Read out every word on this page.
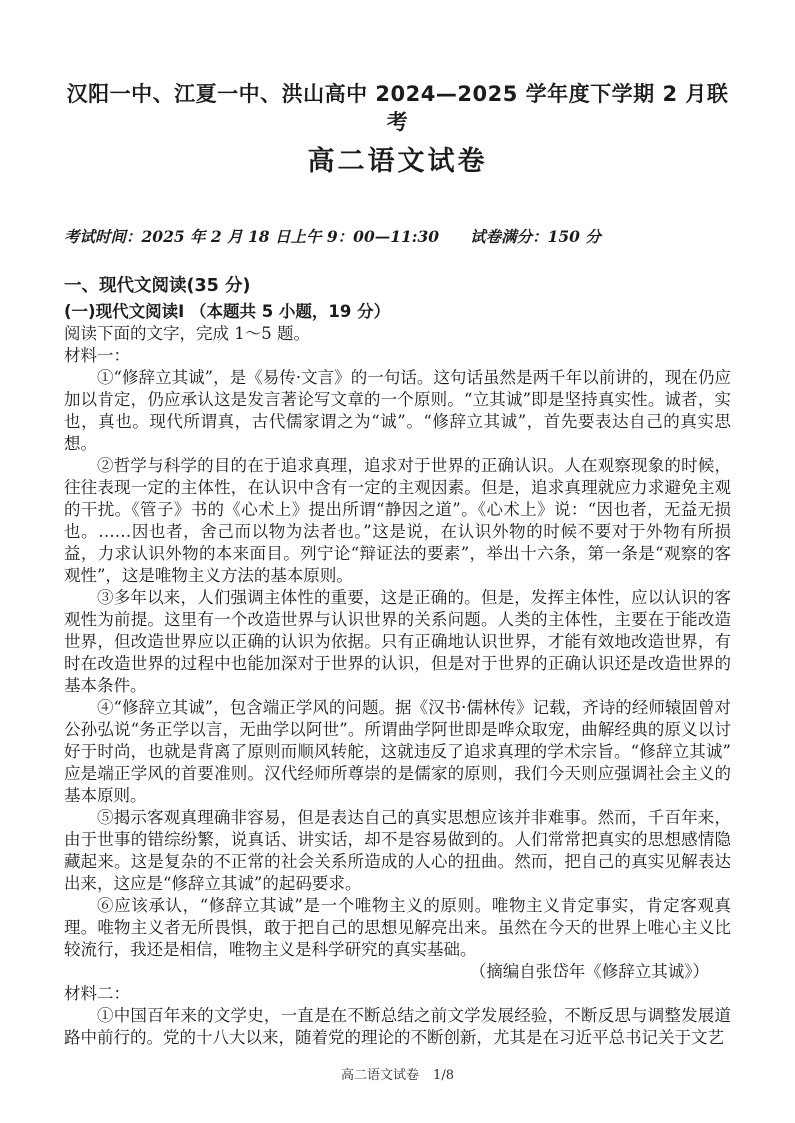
汉阳一中、江夏一中、洪山高中 2024—2025 学年度下学期 2 月联考
高二语文试卷

考试时间：2025 年 2 月 18 日上午 9：00—11:30　　试卷满分：150 分

一、现代文阅读(35 分)
(一)现代文阅读Ⅰ （本题共 5 小题，19 分）

阅读下面的文字，完成 1～5 题。

材料一：

①“修辞立其诚”，是《易传·文言》的一句话。这句话虽然是两千年以前讲的，现在仍应加以肯定，仍应承认这是发言著论写文章的一个原则。“立其诚”即是坚持真实性。诚者，实也，真也。现代所谓真，古代儒家谓之为“诚”。“修辞立其诚”，首先要表达自己的真实思想。

②哲学与科学的目的在于追求真理，追求对于世界的正确认识。人在观察现象的时候，往往表现一定的主体性，在认识中含有一定的主观因素。但是，追求真理就应力求避免主观的干扰。《管子》书的《心术上》提出所谓“静因之道”。《心术上》说：“因也者，无益无损也。……因也者，舍己而以物为法者也。”这是说，在认识外物的时候不要对于外物有所损益，力求认识外物的本来面目。列宁论“辩证法的要素”，举出十六条，第一条是“观察的客观性”，这是唯物主义方法的基本原则。

③多年以来，人们强调主体性的重要，这是正确的。但是，发挥主体性，应以认识的客观性为前提。这里有一个改造世界与认识世界的关系问题。人类的主体性，主要在于能改造世界，但改造世界应以正确的认识为依据。只有正确地认识世界，才能有效地改造世界，有时在改造世界的过程中也能加深对于世界的认识，但是对于世界的正确认识还是改造世界的基本条件。

④“修辞立其诚”，包含端正学风的问题。据《汉书·儒林传》记载，齐诗的经师辕固曾对公孙弘说“务正学以言，无曲学以阿世”。所谓曲学阿世即是哗众取宠，曲解经典的原义以讨好于时尚，也就是背离了原则而顺风转舵，这就违反了追求真理的学术宗旨。“修辞立其诚”应是端正学风的首要准则。汉代经师所尊崇的是儒家的原则，我们今天则应强调社会主义的基本原则。

⑤揭示客观真理确非容易，但是表达自己的真实思想应该并非难事。然而，千百年来，由于世事的错综纷繁，说真话、讲实话，却不是容易做到的。人们常常把真实的思想感情隐藏起来。这是复杂的不正常的社会关系所造成的人心的扭曲。然而，把自己的真实见解表达出来，这应是“修辞立其诚”的起码要求。

⑥应该承认，“修辞立其诚”是一个唯物主义的原则。唯物主义肯定事实，肯定客观真理。唯物主义者无所畏惧，敢于把自己的思想见解亮出来。虽然在今天的世界上唯心主义比较流行，我还是相信，唯物主义是科学研究的真实基础。

（摘编自张岱年《修辞立其诚》）

材料二：

①中国百年来的文学史，一直是在不断总结之前文学发展经验，不断反思与调整发展道路中前行的。党的十八大以来，随着党的理论的不断创新，尤其是在习近平总书记关于文艺

高二语文试卷 1/8
